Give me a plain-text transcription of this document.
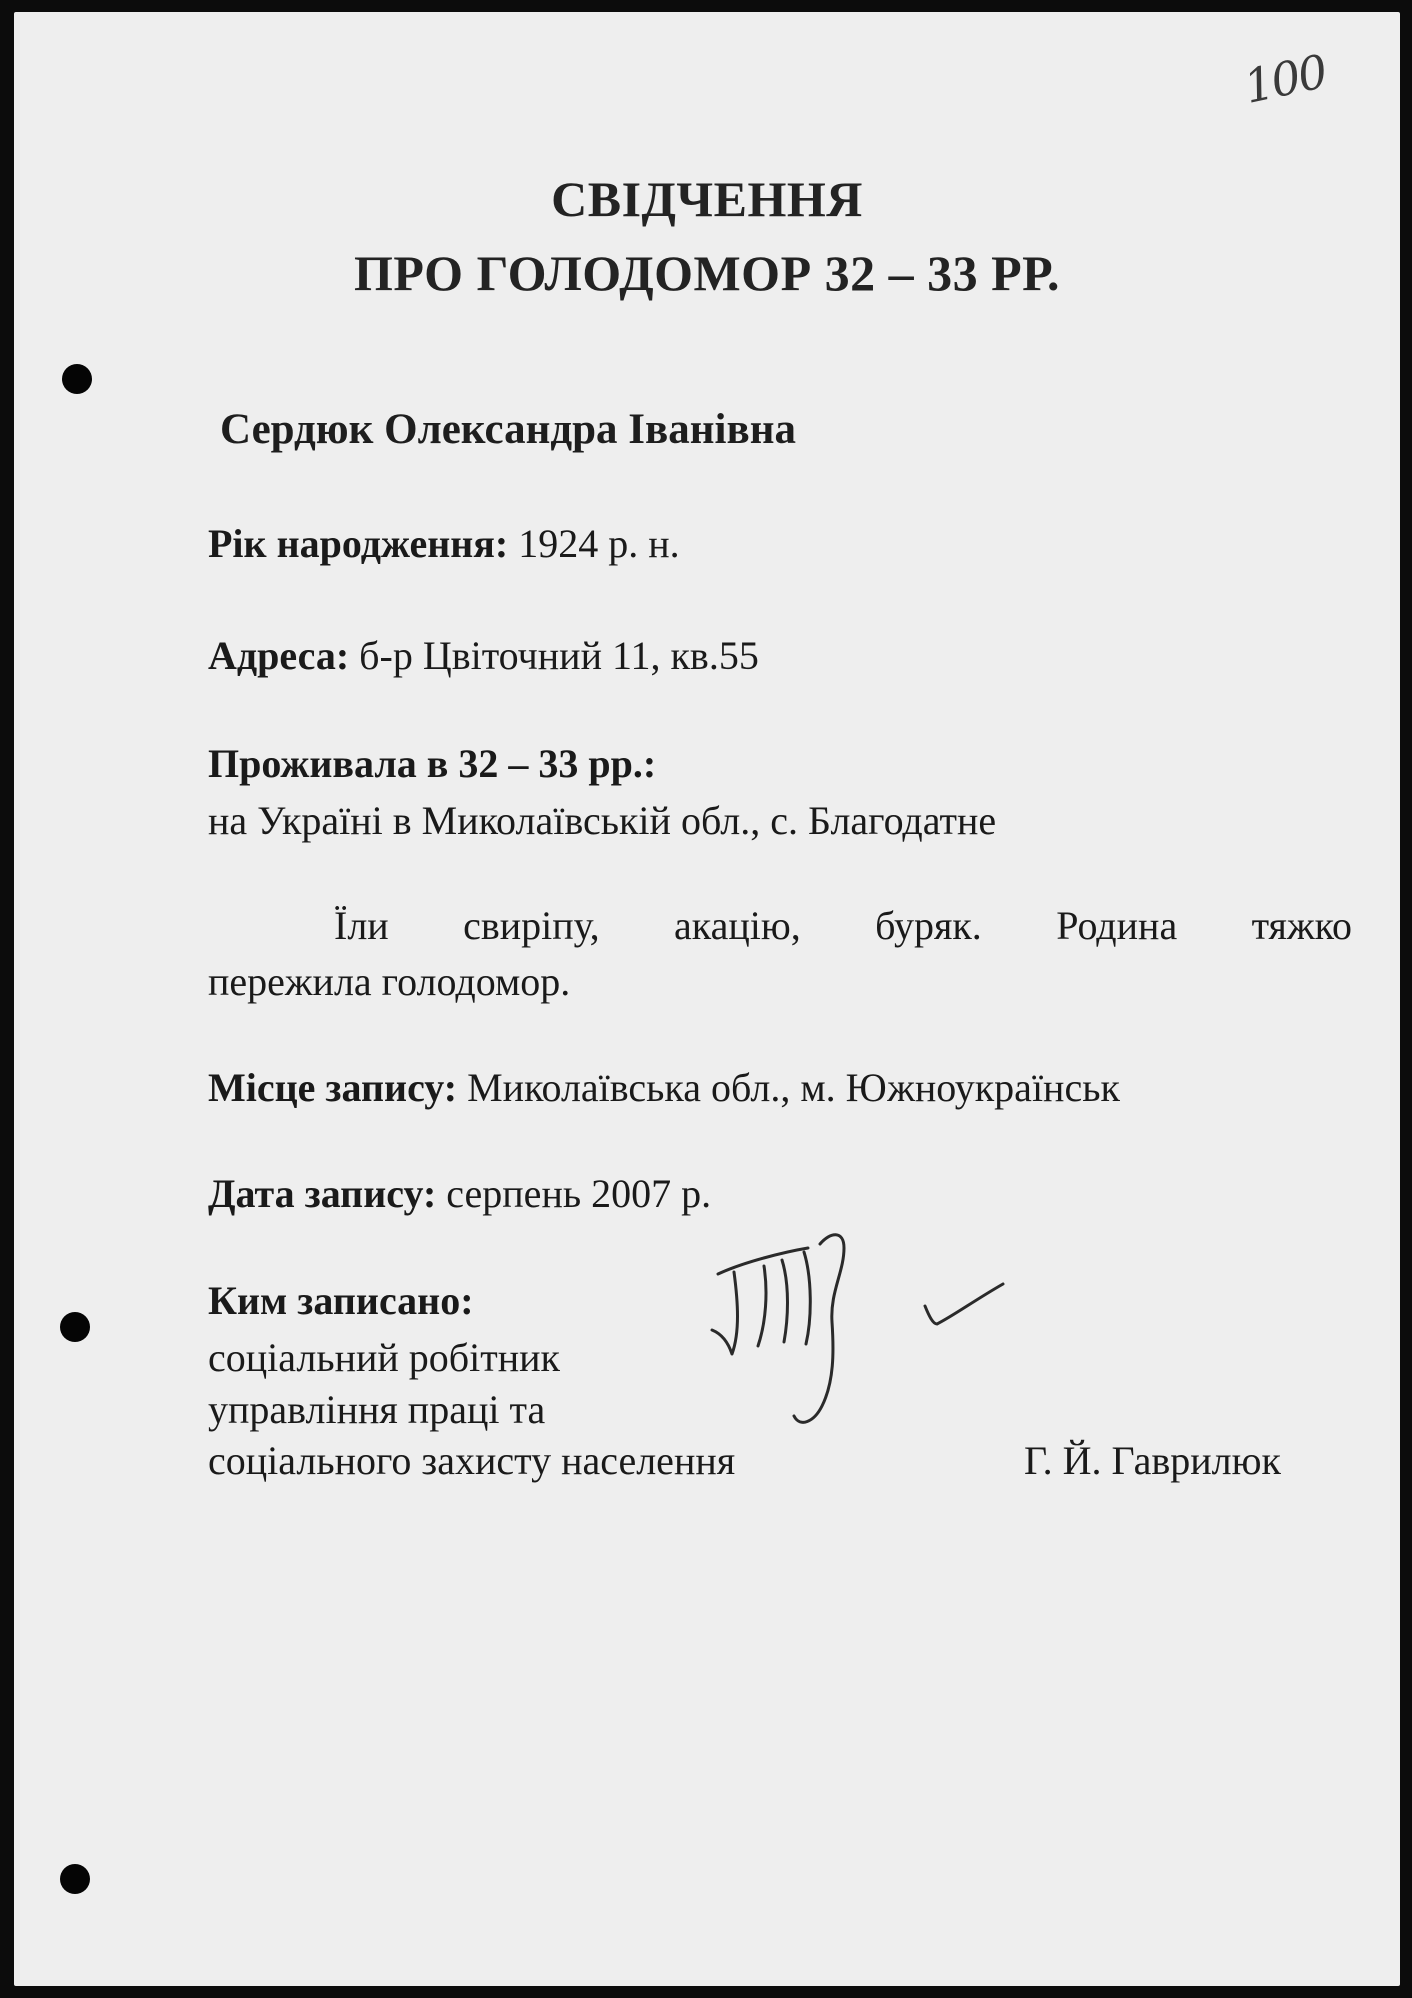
100
СВІДЧЕННЯ
ПРО ГОЛОДОМОР 32 – 33 РР.
Сердюк Олександра Іванівна
Рік народження: 1924 р. н.
Адреса: б-р Цвіточний 11, кв.55
Проживала в 32 – 33 рр.:
на Україні в Миколаївській обл., с. Благодатне
Їли свиріпу, акацію, буряк. Родина тяжко
пережила голодомор.
Місце запису: Миколаївська обл., м. Южноукраїнськ
Дата запису: серпень 2007 р.
Ким записано:
соціальний робітник
управління праці та
соціального захисту населення	Г. Й. Гаврилюк
